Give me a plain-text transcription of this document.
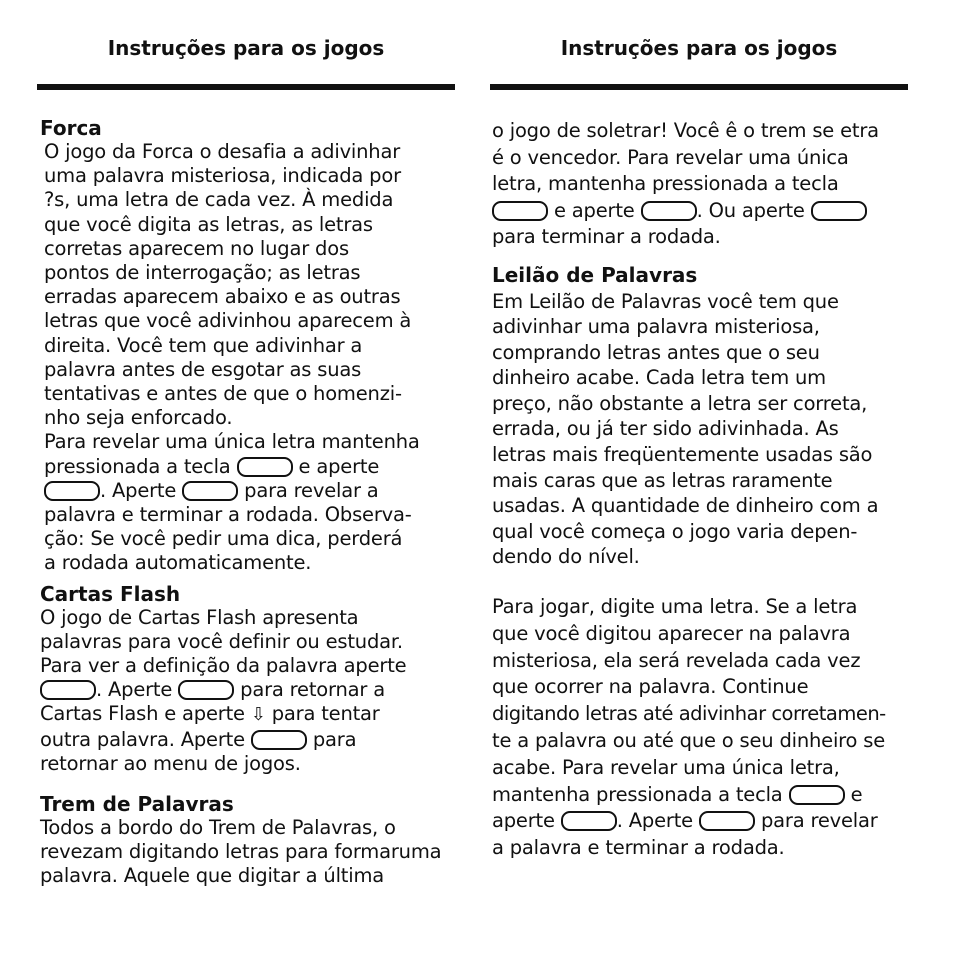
Instruções para os jogos
Forca

O jogo da Forca o desafia a adivinhar

uma palavra misteriosa, indicada por

?s, uma letra de cada vez. À medida

que você digita as letras, as letras

corretas aparecem no lugar dos

pontos de interrogação; as letras

erradas aparecem abaixo e as outras

letras que você adivinhou aparecem à

direita. Você tem que adivinhar a

palavra antes de esgotar as suas

tentativas e antes de que o homenzi-

nho seja enforcado.

Para revelar uma única letra mantenha

pressionada a tecla	e aperte

. Aperte	para revelar a

palavra e terminar a rodada. Observa-

ção: Se você pedir uma dica, perderá

a rodada automaticamente.

Cartas Flash

O jogo de Cartas Flash apresenta

palavras para você definir ou estudar.

Para ver a definição da palavra aperte

. Aperte	para retornar a

Cartas Flash e aperte ⇩ para tentar

outra palavra. Aperte	para

retornar ao menu de jogos.

Trem de Palavras

Todos a bordo do Trem de Palavras, o

revezam digitando letras para formaruma

palavra. Aquele que digitar a última

Instruções para os jogos

o jogo de soletrar! Você ê o trem se etra

é o vencedor. Para revelar uma única

letra, mantenha pressionada a tecla

e aperte	. Ou aperte

para terminar a rodada.

Leilão de Palavras

Em Leilão de Palavras você tem que

adivinhar uma palavra misteriosa,

comprando letras antes que o seu

dinheiro acabe. Cada letra tem um

preço, não obstante a letra ser correta,

errada, ou já ter sido adivinhada. As

letras mais freqüentemente usadas são

mais caras que as letras raramente

usadas. A quantidade de dinheiro com a

qual você começa o jogo varia depen-

dendo do nível.

Para jogar, digite uma letra. Se a letra

que você digitou aparecer na palavra

misteriosa, ela será revelada cada vez

que ocorrer na palavra. Continue

digitando letras até adivinhar corretamen-

te a palavra ou até que o seu dinheiro se

acabe. Para revelar uma única letra,

mantenha pressionada a tecla	e

aperte	. Aperte	para revelar

a palavra e terminar a rodada.
